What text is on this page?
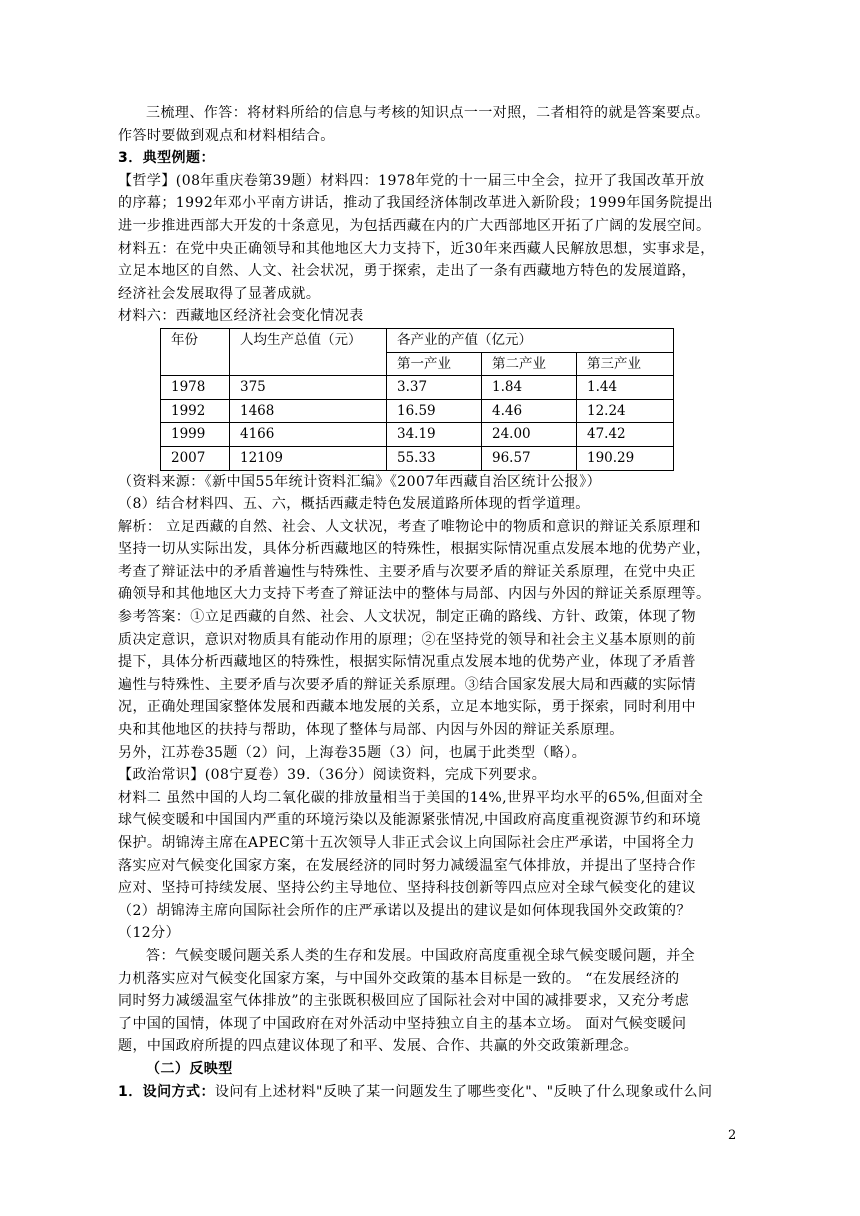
三梳理、作答：将材料所给的信息与考核的知识点一一对照，二者相符的就是答案要点。
作答时要做到观点和材料相结合。
3．典型例题：
【哲学】(08年重庆卷第39题）材料四：1978年党的十一届三中全会，拉开了我国改革开放
的序幕；1992年邓小平南方讲话，推动了我国经济体制改革进入新阶段；1999年国务院提出
进一步推进西部大开发的十条意见，为包括西藏在内的广大西部地区开拓了广阔的发展空间。
材料五：在党中央正确领导和其他地区大力支持下，近30年来西藏人民解放思想，实事求是，
立足本地区的自然、人文、社会状况，勇于探索，走出了一条有西藏地方特色的发展道路，
经济社会发展取得了显著成就。
材料六：西藏地区经济社会变化情况表
年份	人均生产总值（元）	各产业的产值（亿元）		
		第一产业	第二产业	第三产业
1978	375	3.37	1.84	1.44
1992	1468	16.59	4.46	12.24
1999	4166	34.19	24.00	47.42
2007	12109	55.33	96.57	190.29
（资料来源：《新中国55年统计资料汇编》《2007年西藏自治区统计公报》）
（8）结合材料四、五、六，概括西藏走特色发展道路所体现的哲学道理。
解析： 立足西藏的自然、社会、人文状况，考查了唯物论中的物质和意识的辩证关系原理和
坚持一切从实际出发，具体分析西藏地区的特殊性，根据实际情况重点发展本地的优势产业，
考查了辩证法中的矛盾普遍性与特殊性、主要矛盾与次要矛盾的辩证关系原理，在党中央正
确领导和其他地区大力支持下考查了辩证法中的整体与局部、内因与外因的辩证关系原理等。
参考答案：①立足西藏的自然、社会、人文状况，制定正确的路线、方针、政策，体现了物
质决定意识，意识对物质具有能动作用的原理；②在坚持党的领导和社会主义基本原则的前
提下，具体分析西藏地区的特殊性，根据实际情况重点发展本地的优势产业，体现了矛盾普
遍性与特殊性、主要矛盾与次要矛盾的辩证关系原理。③结合国家发展大局和西藏的实际情
况，正确处理国家整体发展和西藏本地发展的关系，立足本地实际，勇于探索，同时利用中
央和其他地区的扶持与帮助，体现了整体与局部、内因与外因的辩证关系原理。
另外，江苏卷35题（2）问，上海卷35题（3）问，也属于此类型（略）。
【政治常识】(08宁夏卷）39.（36分）阅读资料，完成下列要求。
材料二 虽然中国的人均二氧化碳的排放量相当于美国的14%,世界平均水平的65%,但面对全
球气候变暖和中国国内严重的环境污染以及能源紧张情况,中国政府高度重视资源节约和环境
保护。胡锦涛主席在APEC第十五次领导人非正式会议上向国际社会庄严承诺，中国将全力
落实应对气候变化国家方案，在发展经济的同时努力减缓温室气体排放，并提出了坚持合作
应对、坚持可持续发展、坚持公约主导地位、坚持科技创新等四点应对全球气候变化的建议
（2）胡锦涛主席向国际社会所作的庄严承诺以及提出的建议是如何体现我国外交政策的？
（12分）
答：气候变暖问题关系人类的生存和发展。中国政府高度重视全球气候变暖问题，并全
力机落实应对气候变化国家方案，与中国外交政策的基本目标是一致的。 “在发展经济的
同时努力减缓温室气体排放”的主张既积极回应了国际社会对中国的减排要求，又充分考虑
了中国的国情，体现了中国政府在对外活动中坚持独立自主的基本立场。 面对气候变暖问
题，中国政府所提的四点建议体现了和平、发展、合作、共赢的外交政策新理念。
（二）反映型
1．设问方式：设问有上述材料"反映了某一问题发生了哪些变化"、"反映了什么现象或什么问
2
